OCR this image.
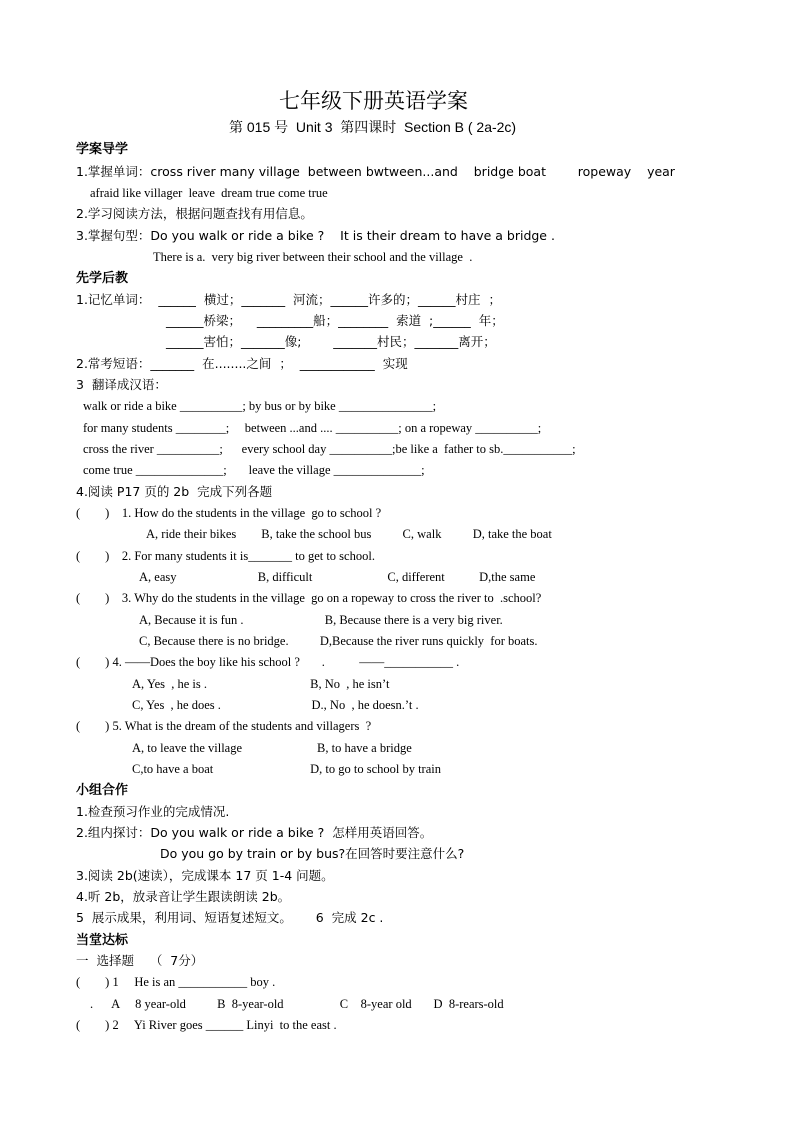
七年级下册英语学案
第 015 号  Unit 3  第四课时  Section B ( 2a-2c)
学案导学
1.掌握单词：cross river many village  between bwtween...and    bridge boat        ropeway    year
afraid like villager  leave  dream true come true
2.学习阅读方法，根据问题查找有用信息。
3.掌握句型：Do you walk or ride a bike ?    It is their dream to have a bridge .
There is a.  very big river between their school and the village  .
先学后教
1.记忆单词：  ______  横过；_______  河流；______许多的；______村庄  ；
______桥梁；    _________船；________  索道  ;______  年；
______害怕；_______像;        _______村民；_______离开；
2.常考短语：_______  在........之间  ；  ____________  实现
3  翻译成汉语：
walk or ride a bike __________; by bus or by bike _______________;
for many students ________;     between ...and .... __________; on a ropeway __________;
cross the river __________;      every school day __________;be like a  father to sb.___________;
come true ______________;       leave the village ______________;
4.阅读 P17 页的 2b  完成下列各题
(        )    1. How do the students in the village  go to school ?
A, ride their bikes        B, take the school bus          C, walk          D, take the boat
(        )    2. For many students it is_______ to get to school.
A, easy                          B, difficult                        C, different           D,the same
(        )    3. Why do the students in the village  go on a ropeway to cross the river to  .school?
A, Because it is fun .                          B, Because there is a very big river.
C, Because there is no bridge.          D,Because the river runs quickly  for boats.
(        ) 4. ——Does the boy like his school ?       .           ——___________ .
A, Yes  , he is .                                 B, No  , he isn’t
C, Yes  , he does .                             D., No  , he doesn.’t .
(        ) 5. What is the dream of the students and villagers  ?
A, to leave the village                        B, to have a bridge
C,to have a boat                               D, to go to school by train
小组合作
1.检查预习作业的完成情况.
2.组内探讨：Do you walk or ride a bike ?  怎样用英语回答。
Do you go by train or by bus?在回答时要注意什么?
3.阅读 2b(速读），完成课本 17 页 1-4 问题。
4.听 2b，放录音让学生跟读朗读 2b。
5  展示成果，利用词、短语复述短文。      6  完成 2c .
当堂达标
一  选择题    （  7分）
(        ) 1     He is an ___________ boy .
.      A     8 year-old          B  8-year-old                  C    8-year old       D  8-rears-old
(        ) 2     Yi River goes ______ Linyi  to the east .
